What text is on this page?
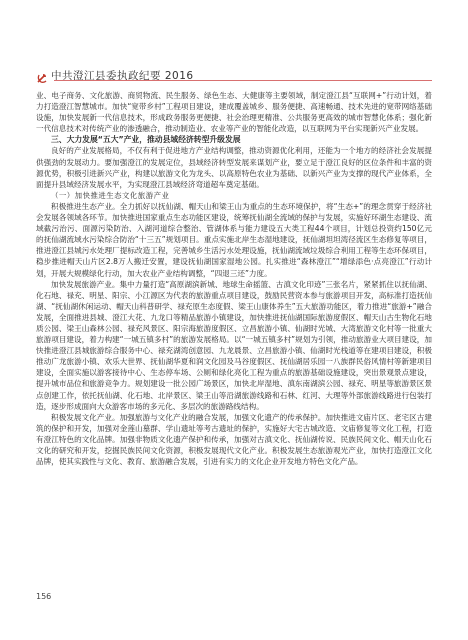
中共澄江县委执政纪要 2016

业、电子商务、文化旅游、商贸物流、民生服务、绿色生态、大健康等主要领域，制定澄江县“互联网+”行动计划，着力打造澄江智慧城市。加快“宽带乡村”工程项目建设，建成覆盖城乡、服务便捷、高速畅通、技术先进的宽带网络基础设施，加快发展新一代信息技术，形成政务服务更便捷、社会治理更精准、公共服务更高效的城市智慧化体系；强化新一代信息技术对传统产业的渗透融合，推动制造业、农业等产业的智能化改造，以互联网为平台实现新兴产业发展。

三、大力发展“五大”产业，推动县域经济转型升级发展

良好的产业发展格局，不仅有利于促进地方产业结构调整，推动资源优化利用，还能为一个地方的经济社会发展提供强劲的发展动力。要加强澄江的发展定位，县域经济转型发展来谋划产业，要立足于澄江良好的区位条件和丰富的资源优势，积极引进新兴产业，构建以旅游文化为龙头、以高原特色农业为基础、以新兴产业为支撑的现代产业体系，全面提升县域经济发展水平，为实现澄江县域经济弯道超车奠定基础。

（一）加快推进生态文化旅游产业

积极推进生态产业。全力抓好以抚仙湖、帽天山和梁王山为重点的生态环境保护，将“生态+”的理念贯穿于经济社会发展各领域各环节。加快推进国家重点生态功能区建设，统筹抚仙湖全流域的保护与发展，实施好环湖生态建设、流域截污治污、面源污染防治、入湖河道综合整治、管湖体系与能力建设五大类工程44个项目，计划总投资约150亿元的抚仙湖流域水污染综合防治“十三五”规划项目。重点实施北岸生态湿地建设，抚仙湖坦坦湾径流区生态修复等项目，推进澄江县城污水处理厂提标改造工程，完善城乡生活污水处理设施，抚仙湖流域垃圾综合利用工程等生态环保项目，稳步推进帽天山片区2.8万人搬迁安置，建设抚仙湖国家湿地公园。扎实推进“森林澄江”“增绿添色·点亮澄江”行动计划，开展大规模绿化行动，加大农业产业结构调整，“四退三还”力度。

加快发展旅游产业。集中力量打造“高原湖滨新城、地球生命摇篮、古滇文化印迹”三张名片，紧紧抓住以抚仙湖、化石地、禄充、明星、阳宗、小江源区为代表的旅游重点项目建设，鼓励民营资本参与旅游项目开发，高标准打造抚仙湖、“抚仙湖休闲运动、帽天山科普研学、禄充原生态度假、梁王山康体养生”五大旅游功能区，着力推进“旅游+”融合发展，全面推进县城、澄江大花、九龙口等精品旅游小镇建设，加快推进抚仙湖国际旅游度假区、帽天山古生物化石地质公园、梁王山森林公园、禄充风景区、阳宗海旅游度假区、立昌旅游小镇、仙湖时光城、大湾旅游文化村等一批重大旅游项目建设，着力构建“一城五镇多村”的旅游发展格局。以“一城五镇多村”规划为引领，推动旅游业大项目建设，加快推进澄江县城旅游综合服务中心、禄充湖湾创意园、九龙晨景、立昌旅游小镇、仙湖时光栈道等在建项目建设，积极推动广龙旅游小镇、欢乐大世界、抚仙湖华夏和润文化园及马谷度假区、抚仙湖居乐园一八族群民俗风情村等新建项目建设，全面实施以游客接待中心、生态停车场、公厕和绿化亮化工程为重点的旅游基础设施建设，突出景观景点建设，提升城市品位和旅游竞争力。规划建设一批公园广场景区，加快北岸湿地、滇东南湖滨公园、禄充、明星等旅游景区景点创建工作，依托抚仙湖、化石地、北岸景区、梁王山等沿湖旅游线路和石林、红河、大理等外部旅游线路进行包装打造，逐步形成面向大众游客市场的多元化、多层次的旅游路线结构。

积极发展文化产业。加强旅游与文化产业的融合发展，加强文化遗产的传承保护。加快推进文庙片区、老宅区古建筑的保护和开发，加强对金莲山墓群、学山遗址等考古遗址的保护，实施好大宅古城改造、文庙修复等文化工程，打造有澄江特色的文化品牌。加强非物质文化遗产保护和传承，加强对古滇文化、抚仙湖传说、民族民间文化、帽天山化石文化的研究和开发，挖掘民族民间文化资源，积极发展现代文化产业。积极发展生态旅游观光产业，加快打造澄江文化品牌，使其实践性与文化、教育、旅游融合发展，引进有实力的文化企业开发地方特色文化产品。

156
